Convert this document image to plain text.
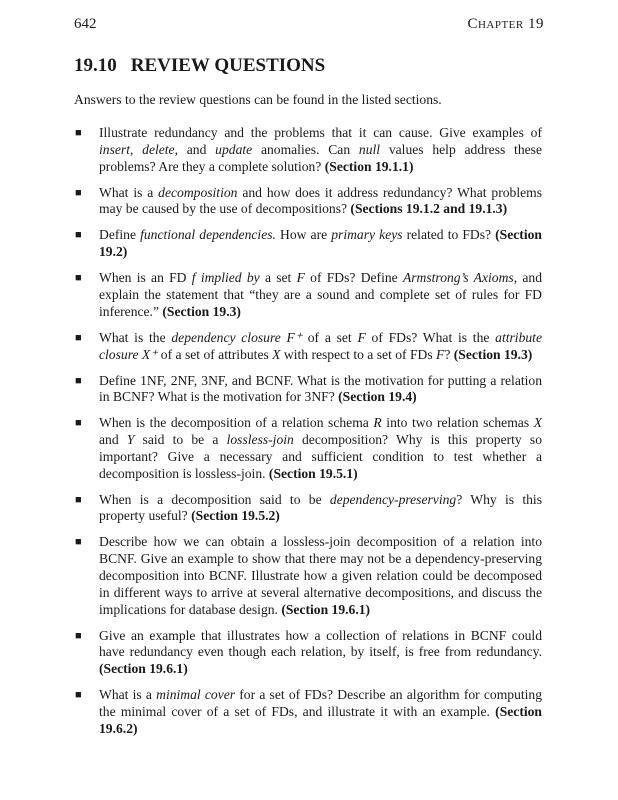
642	Chapter 19
19.10 REVIEW QUESTIONS
Answers to the review questions can be found in the listed sections.
■ Illustrate redundancy and the problems that it can cause. Give examples of insert, delete, and update anomalies. Can null values help address these problems? Are they a complete solution? (Section 19.1.1)
■ What is a decomposition and how does it address redundancy? What problems may be caused by the use of decompositions? (Sections 19.1.2 and 19.1.3)
■ Define functional dependencies. How are primary keys related to FDs? (Section 19.2)
■ When is an FD f implied by a set F of FDs? Define Armstrong’s Axioms, and explain the statement that “they are a sound and complete set of rules for FD inference.” (Section 19.3)
■ What is the dependency closure F⁺ of a set F of FDs? What is the attribute closure X⁺ of a set of attributes X with respect to a set of FDs F? (Section 19.3)
■ Define 1NF, 2NF, 3NF, and BCNF. What is the motivation for putting a relation in BCNF? What is the motivation for 3NF? (Section 19.4)
■ When is the decomposition of a relation schema R into two relation schemas X and Y said to be a lossless-join decomposition? Why is this property so important? Give a necessary and sufficient condition to test whether a decomposition is lossless-join. (Section 19.5.1)
■ When is a decomposition said to be dependency-preserving? Why is this property useful? (Section 19.5.2)
■ Describe how we can obtain a lossless-join decomposition of a relation into BCNF. Give an example to show that there may not be a dependency-preserving decomposition into BCNF. Illustrate how a given relation could be decomposed in different ways to arrive at several alternative decompositions, and discuss the implications for database design. (Section 19.6.1)
■ Give an example that illustrates how a collection of relations in BCNF could have redundancy even though each relation, by itself, is free from redundancy. (Section 19.6.1)
■ What is a minimal cover for a set of FDs? Describe an algorithm for computing the minimal cover of a set of FDs, and illustrate it with an example. (Section 19.6.2)
